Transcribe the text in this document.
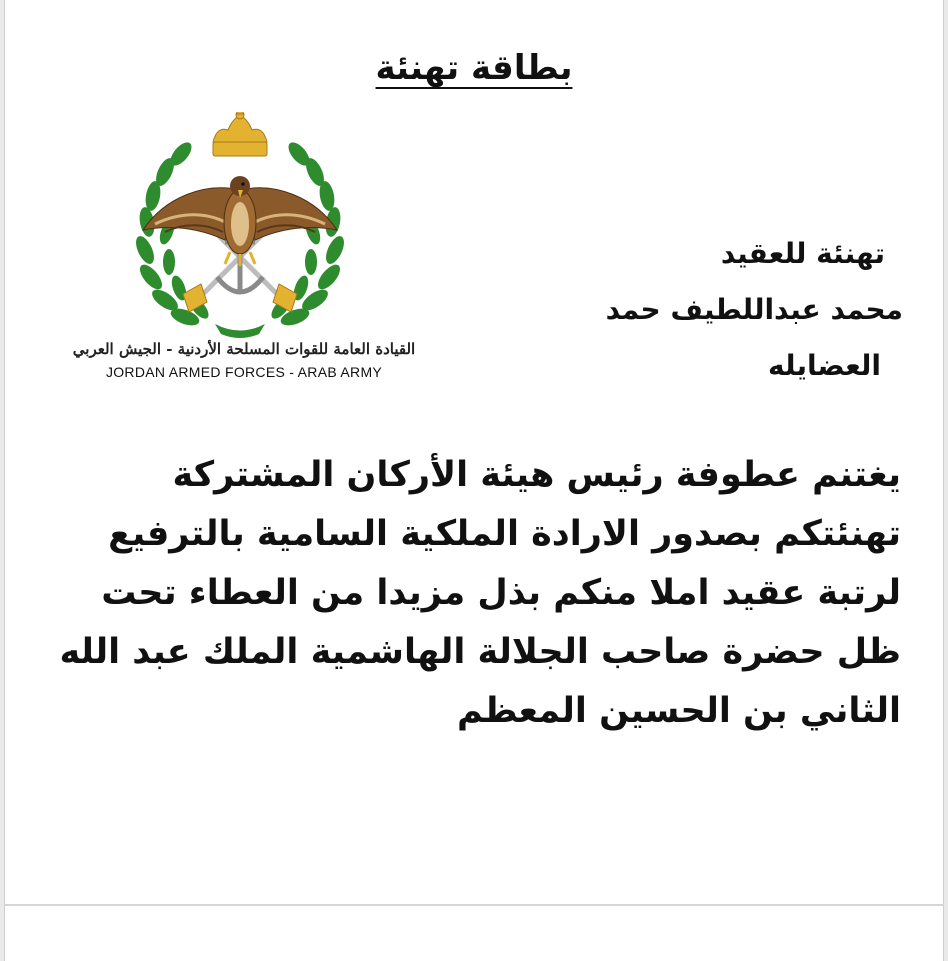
بطاقة تهنئة
القيادة العامة للقوات المسلحة الأردنية - الجيش العربي
JORDAN ARMED FORCES - ARAB ARMY
تهنئة للعقيد
محمد عبداللطيف حمد
العضايله
يغتنم عطوفة رئيس هيئة الأركان المشتركة
تهنئتكم بصدور الارادة الملكية السامية بالترفيع
لرتبة عقيد املا منكم بذل مزيدا من العطاء تحت
ظل حضرة صاحب الجلالة الهاشمية الملك عبد الله
الثاني بن الحسين المعظم
